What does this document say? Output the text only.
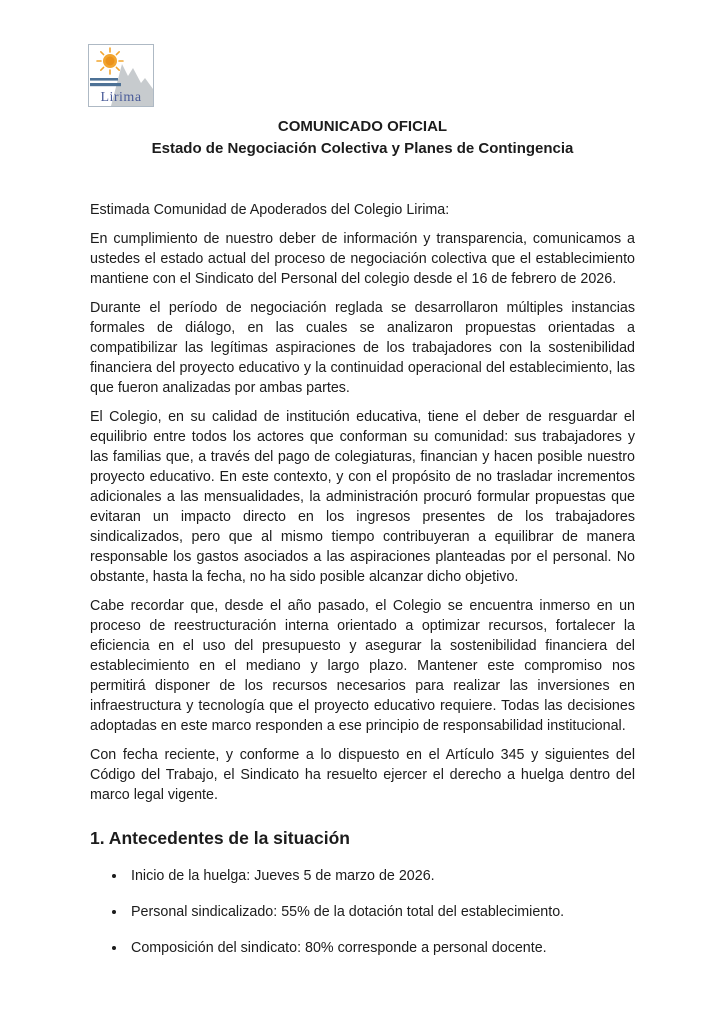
Lirima
COMUNICADO OFICIAL
Estado de Negociación Colectiva y Planes de Contingencia

Estimada Comunidad de Apoderados del Colegio Lirima:

En cumplimiento de nuestro deber de información y transparencia, comunicamos a ustedes el estado actual del proceso de negociación colectiva que el establecimiento mantiene con el Sindicato del Personal del colegio desde el 16 de febrero de 2026.

Durante el período de negociación reglada se desarrollaron múltiples instancias formales de diálogo, en las cuales se analizaron propuestas orientadas a compatibilizar las legítimas aspiraciones de los trabajadores con la sostenibilidad financiera del proyecto educativo y la continuidad operacional del establecimiento, las que fueron analizadas por ambas partes.

El Colegio, en su calidad de institución educativa, tiene el deber de resguardar el equilibrio entre todos los actores que conforman su comunidad: sus trabajadores y las familias que, a través del pago de colegiaturas, financian y hacen posible nuestro proyecto educativo. En este contexto, y con el propósito de no trasladar incrementos adicionales a las mensualidades, la administración procuró formular propuestas que evitaran un impacto directo en los ingresos presentes de los trabajadores sindicalizados, pero que al mismo tiempo contribuyeran a equilibrar de manera responsable los gastos asociados a las aspiraciones planteadas por el personal. No obstante, hasta la fecha, no ha sido posible alcanzar dicho objetivo.

Cabe recordar que, desde el año pasado, el Colegio se encuentra inmerso en un proceso de reestructuración interna orientado a optimizar recursos, fortalecer la eficiencia en el uso del presupuesto y asegurar la sostenibilidad financiera del establecimiento en el mediano y largo plazo. Mantener este compromiso nos permitirá disponer de los recursos necesarios para realizar las inversiones en infraestructura y tecnología que el proyecto educativo requiere. Todas las decisiones adoptadas en este marco responden a ese principio de responsabilidad institucional.

Con fecha reciente, y conforme a lo dispuesto en el Artículo 345 y siguientes del Código del Trabajo, el Sindicato ha resuelto ejercer el derecho a huelga dentro del marco legal vigente.

1. Antecedentes de la situación
• Inicio de la huelga: Jueves 5 de marzo de 2026.
• Personal sindicalizado: 55% de la dotación total del establecimiento.
• Composición del sindicato: 80% corresponde a personal docente.
